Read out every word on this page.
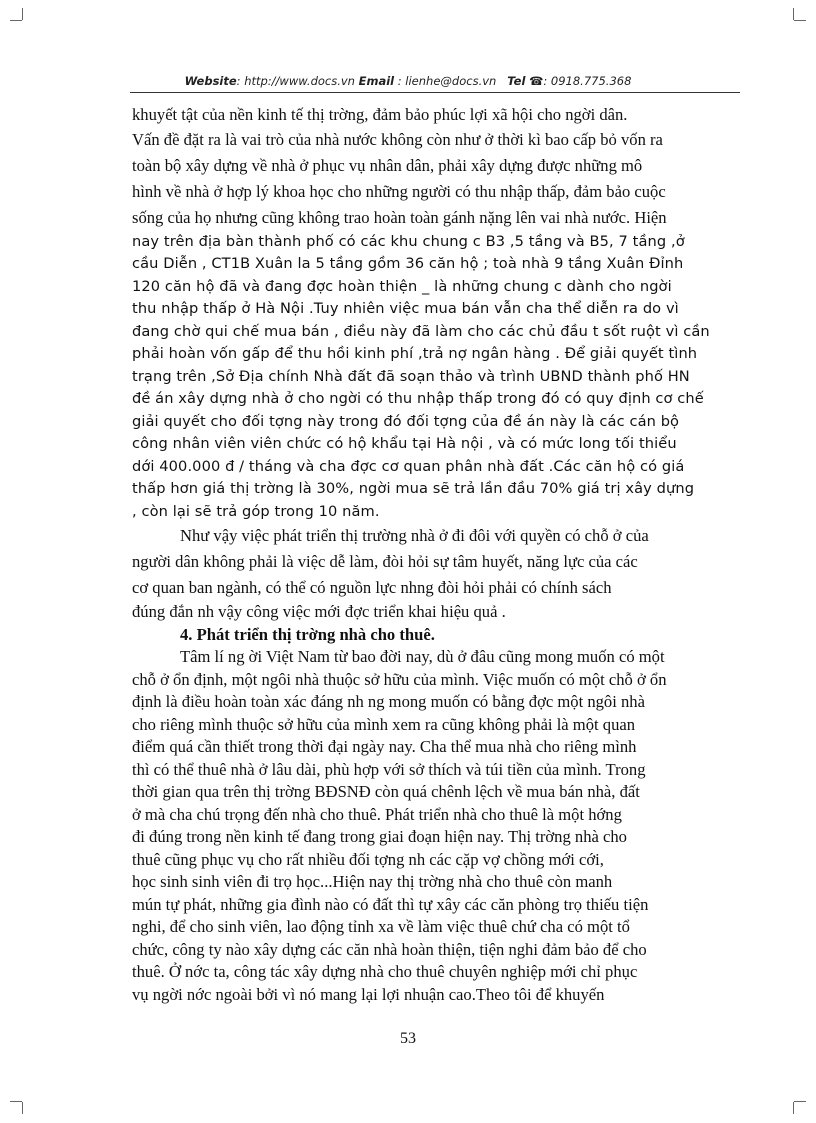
Website: http://www.docs.vn Email : lienhe@docs.vn Tel ☎: 0918.775.368
khuyết tật của nền kinh tế thị trờng, đảm bảo phúc lợi xã hội cho ngời dân.
Vấn đề đặt ra là vai trò của nhà nước không còn như ở thời kì bao cấp bỏ vốn ra
toàn bộ xây dựng về nhà ở phục vụ nhân dân, phải xây dựng được những mô
hình về nhà ở hợp lý khoa học cho những người có thu nhập thấp, đảm bảo cuộc
sống của họ nhưng cũng không trao hoàn toàn gánh nặng lên vai nhà nước. Hiện
nay trên địa bàn thành phố có các khu chung c B3 ,5 tầng và B5, 7 tầng ,ở
cầu Diễn , CT1B Xuân la 5 tầng gồm 36 căn hộ ; toà nhà 9 tầng Xuân Đỉnh
120 căn hộ đã và đang đợc hoàn thiện _ là những chung c dành cho ngời
thu nhập thấp ở Hà Nội .Tuy nhiên việc mua bán vẫn cha thể diễn ra do vì
đang chờ qui chế mua bán , điều này đã làm cho các chủ đầu t sốt ruột vì cần
phải hoàn vốn gấp để thu hồi kinh phí ,trả nợ ngân hàng . Để giải quyết tình
trạng trên ,Sở Địa chính Nhà đất đã soạn thảo và trình UBND thành phố HN
đề án xây dựng nhà ở cho ngời có thu nhập thấp trong đó có quy định cơ chế
giải quyết cho đối tợng này trong đó đối tợng của đề án này là các cán bộ
công nhân viên viên chức có hộ khẩu tại Hà nội , và có mức long tối thiểu
dới 400.000 đ / tháng và cha đợc cơ quan phân nhà đất .Các căn hộ có giá
thấp hơn giá thị trờng là 30%, ngời mua sẽ trả lần đầu 70% giá trị xây dựng
, còn lại sẽ trả góp trong 10 năm.
Như vậy việc phát triển thị trường nhà ở đi đôi với quyền có chỗ ở của
người dân không phải là việc dễ làm, đòi hỏi sự tâm huyết, năng lực của các
cơ quan ban ngành, có thể có nguồn lực nhng đòi hỏi phải có chính sách
đúng đắn nh vậy công việc mới đợc triển khai hiệu quả .
4. Phát triển thị trờng nhà cho thuê.
Tâm lí ng ời Việt Nam từ bao đời nay, dù ở đâu cũng mong muốn có một
chỗ ở ổn định, một ngôi nhà thuộc sở hữu của mình. Việc muốn có một chỗ ở ổn
định là điều hoàn toàn xác đáng nh ng mong muốn có bằng đợc một ngôi nhà
cho riêng mình thuộc sở hữu của mình xem ra cũng không phải là một quan
điểm quá cần thiết trong thời đại ngày nay. Cha thể mua nhà cho riêng mình
thì có thể thuê nhà ở lâu dài, phù hợp với sở thích và túi tiền của mình. Trong
thời gian qua trên thị trờng BĐSNĐ còn quá chênh lệch về mua bán nhà, đất
ở mà cha chú trọng đến nhà cho thuê. Phát triển nhà cho thuê là một hớng
đi đúng trong nền kinh tế đang trong giai đoạn hiện nay. Thị trờng nhà cho
thuê cũng phục vụ cho rất nhiều đối tợng nh các cặp vợ chồng mới cới,
học sinh sinh viên đi trọ học...Hiện nay thị trờng nhà cho thuê còn manh
mún tự phát, những gia đình nào có đất thì tự xây các căn phòng trọ thiếu tiện
nghi, để cho sinh viên, lao động tỉnh xa về làm việc thuê chứ cha có một tổ
chức, công ty nào xây dựng các căn nhà hoàn thiện, tiện nghi đảm bảo để cho
thuê. Ở nớc ta, công tác xây dựng nhà cho thuê chuyên nghiệp mới chỉ phục
vụ ngời nớc ngoài bởi vì nó mang lại lợi nhuận cao.Theo tôi để khuyến
53
